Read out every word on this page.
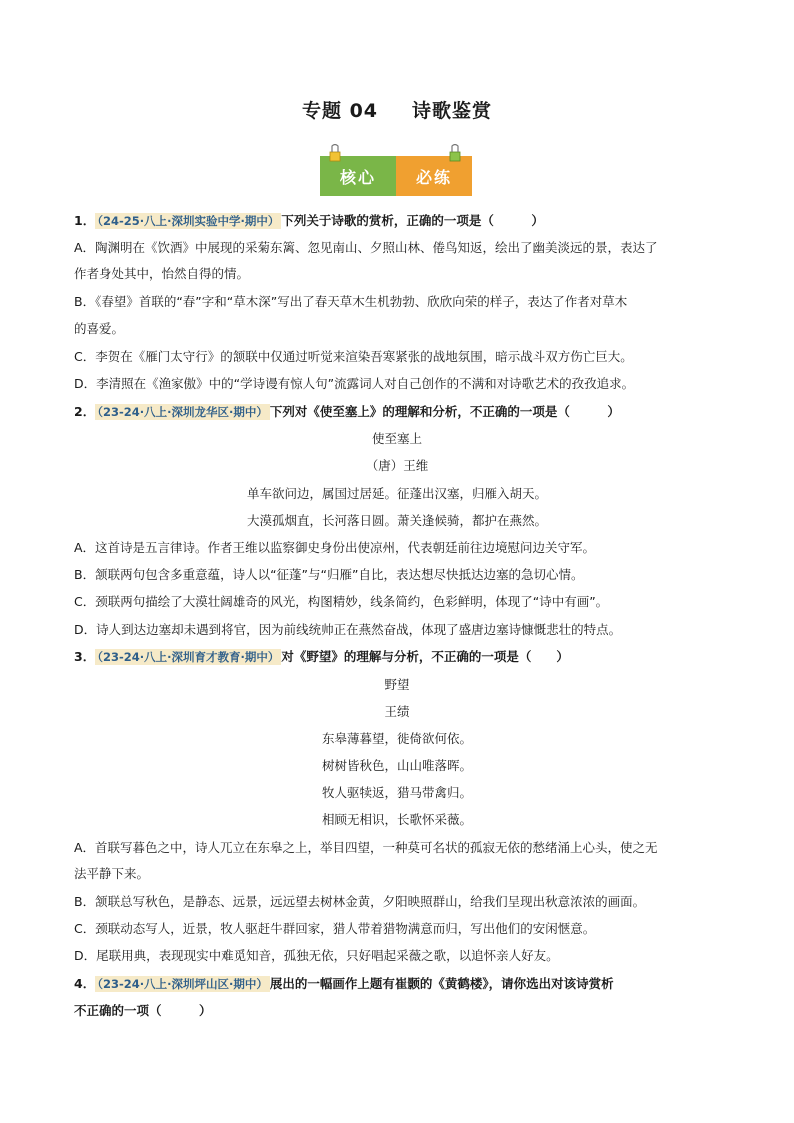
专题 04 诗歌鉴赏
核心	必练
1． （24-25·八上·深圳实验中学·期中） 下列关于诗歌的赏析，正确的一项是（　　　）
A．陶渊明在《饮酒》中展现的采菊东篱、忽见南山、夕照山林、倦鸟知返，绘出了幽美淡远的景，表达了
作者身处其中，怡然自得的情。
B．《春望》首联的“春”字和“草木深”写出了春天草木生机勃勃、欣欣向荣的样子，表达了作者对草木
的喜爱。
C．李贺在《雁门太守行》的颔联中仅通过听觉来渲染吾寒紧张的战地氛围，暗示战斗双方伤亡巨大。
D．李清照在《渔家傲》中的“学诗谩有惊人句”流露词人对自己创作的不满和对诗歌艺术的孜孜追求。
2． （23-24·八上·深圳龙华区·期中） 下列对《使至塞上》的理解和分析，不正确的一项是（　　　）
使至塞上
（唐）王维
单车欲问边，属国过居延。征蓬出汉塞，归雁入胡天。
大漠孤烟直，长河落日圆。萧关逢候骑，都护在燕然。
A．这首诗是五言律诗。作者王维以监察御史身份出使凉州，代表朝廷前往边境慰问边关守军。
B．颔联两句包含多重意蕴，诗人以“征蓬”与“归雁”自比，表达想尽快抵达边塞的急切心情。
C．颈联两句描绘了大漠壮阔雄奇的风光，构图精妙，线条简约，色彩鲜明，体现了“诗中有画”。
D．诗人到达边塞却未遇到将官，因为前线统帅正在燕然奋战，体现了盛唐边塞诗慷慨悲壮的特点。
3． （23-24·八上·深圳育才教育·期中） 对《野望》的理解与分析，不正确的一项是（　　）
野望
王绩
东皋薄暮望，徙倚欲何依。
树树皆秋色，山山唯落晖。
牧人驱犊返，猎马带禽归。
相顾无相识，长歌怀采薇。
A．首联写暮色之中，诗人兀立在东皋之上，举目四望，一种莫可名状的孤寂无依的愁绪涌上心头，使之无
法平静下来。
B．颔联总写秋色，是静态、远景，远远望去树林金黄，夕阳映照群山，给我们呈现出秋意浓浓的画面。
C．颈联动态写人，近景，牧人驱赶牛群回家，猎人带着猎物满意而归，写出他们的安闲惬意。
D．尾联用典，表现现实中难觅知音，孤独无依，只好唱起采薇之歌，以追怀亲人好友。
4． （23-24·八上·深圳坪山区·期中） 展出的一幅画作上题有崔颢的《黄鹤楼》，请你选出对该诗赏析
不正确的一项（　　　）
